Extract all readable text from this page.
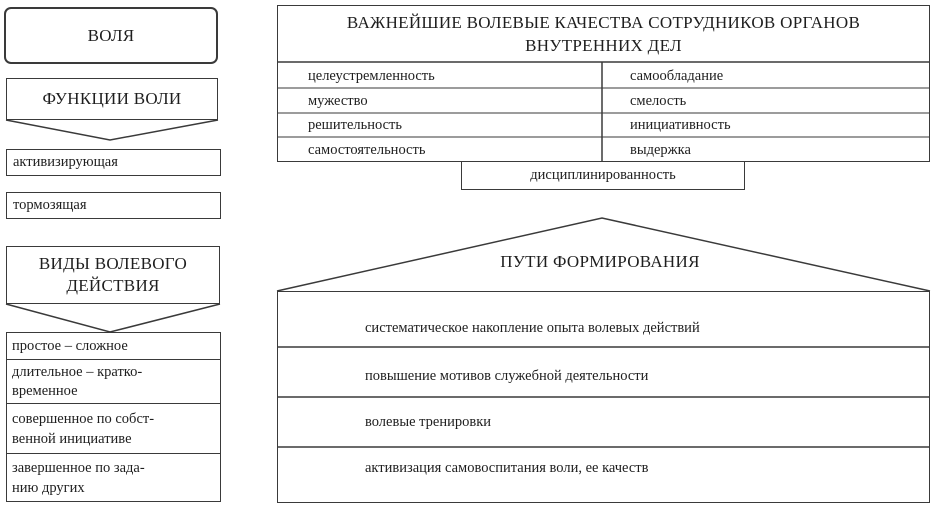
ВОЛЯ
ФУНКЦИИ ВОЛИ
активизирующая
тормозящая
ВИДЫ ВОЛЕВОГО
ДЕЙСТВИЯ
простое – сложное
длительное – кратко-
временное
совершенное по собст-
венной инициативе
завершенное по зада-
нию других
ВАЖНЕЙШИЕ ВОЛЕВЫЕ КАЧЕСТВА СОТРУДНИКОВ ОРГАНОВ
ВНУТРЕННИХ ДЕЛ
целеустремленность
мужество
решительность
самостоятельность
самообладание
смелость
инициативность
выдержка
дисциплинированность
ПУТИ ФОРМИРОВАНИЯ
систематическое накопление опыта волевых действий
повышение мотивов служебной деятельности
волевые тренировки
активизация самовоспитания воли, ее качеств
